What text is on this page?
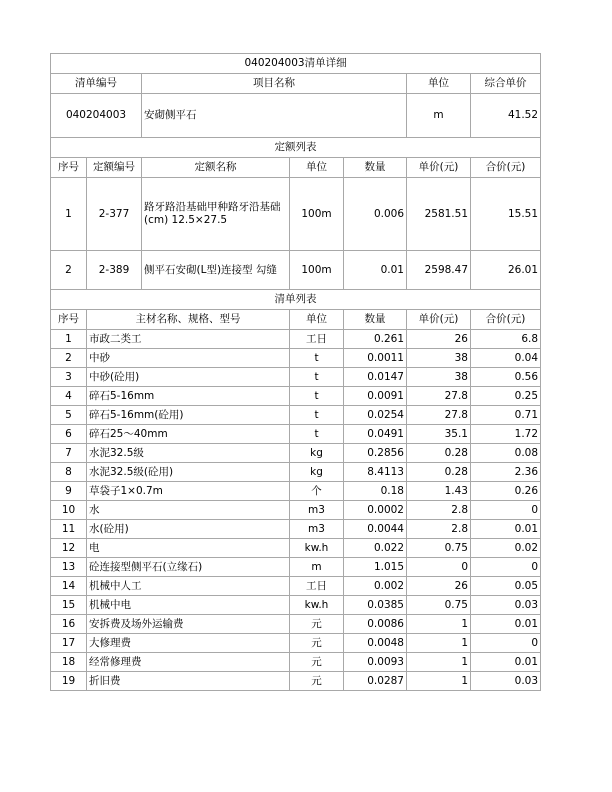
040204003清单详细						
清单编号		项目名称			单位	综合单价
040204003		安砌侧平石			m	41.52
定额列表						
序号	定额编号	定额名称	单位	数量	单价(元)	合价(元)
1	2-377	路牙路沿基础甲种路牙沿基础(cm) 12.5×27.5	100m	0.006	2581.51	15.51
2	2-389	侧平石安砌(L型)连接型 勾缝	100m	0.01	2598.47	26.01
清单列表						
序号	主材名称、规格、型号		单位	数量	单价(元)	合价(元)
1	市政二类工		工日	0.261	26	6.8
2	中砂		t	0.0011	38	0.04
3	中砂(砼用)		t	0.0147	38	0.56
4	碎石5-16mm		t	0.0091	27.8	0.25
5	碎石5-16mm(砼用)		t	0.0254	27.8	0.71
6	碎石25～40mm		t	0.0491	35.1	1.72
7	水泥32.5级		kg	0.2856	0.28	0.08
8	水泥32.5级(砼用)		kg	8.4113	0.28	2.36
9	草袋子1×0.7m		个	0.18	1.43	0.26
10	水		m3	0.0002	2.8	0
11	水(砼用)		m3	0.0044	2.8	0.01
12	电		kw.h	0.022	0.75	0.02
13	砼连接型侧平石(立缘石)		m	1.015	0	0
14	机械中人工		工日	0.002	26	0.05
15	机械中电		kw.h	0.0385	0.75	0.03
16	安拆费及场外运输费		元	0.0086	1	0.01
17	大修理费		元	0.0048	1	0
18	经常修理费		元	0.0093	1	0.01
19	折旧费		元	0.0287	1	0.03
